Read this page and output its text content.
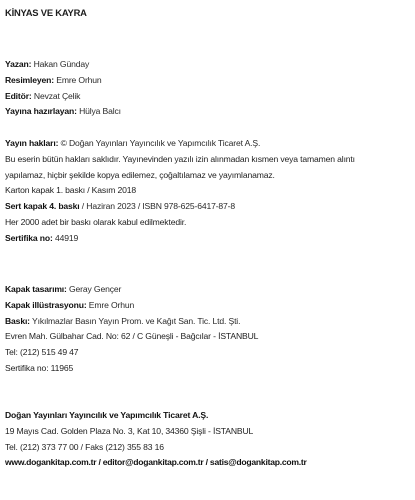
KİNYAS VE KAYRA
Yazan: Hakan Günday
Resimleyen: Emre Orhun
Editör: Nevzat Çelik
Yayına hazırlayan: Hülya Balcı
Yayın hakları: © Doğan Yayınları Yayıncılık ve Yapımcılık Ticaret A.Ş.
Bu eserin bütün hakları saklıdır. Yayınevinden yazılı izin alınmadan kısmen veya tamamen alıntı
yapılamaz, hiçbir şekilde kopya edilemez, çoğaltılamaz ve yayımlanamaz.
Karton kapak 1. baskı / Kasım 2018
Sert kapak 4. baskı / Haziran 2023 / ISBN 978-625-6417-87-8
Her 2000 adet bir baskı olarak kabul edilmektedir.
Sertifika no: 44919
Kapak tasarımı: Geray Gençer
Kapak illüstrasyonu: Emre Orhun
Baskı: Yıkılmazlar Basın Yayın Prom. ve Kağıt San. Tic. Ltd. Şti.
Evren Mah. Gülbahar Cad. No: 62 / C Güneşli - Bağcılar - İSTANBUL
Tel: (212) 515 49 47
Sertifika no: 11965
Doğan Yayınları Yayıncılık ve Yapımcılık Ticaret A.Ş.
19 Mayıs Cad. Golden Plaza No. 3, Kat 10, 34360 Şişli - İSTANBUL
Tel. (212) 373 77 00 / Faks (212) 355 83 16
www.dogankitap.com.tr / editor@dogankitap.com.tr / satis@dogankitap.com.tr
